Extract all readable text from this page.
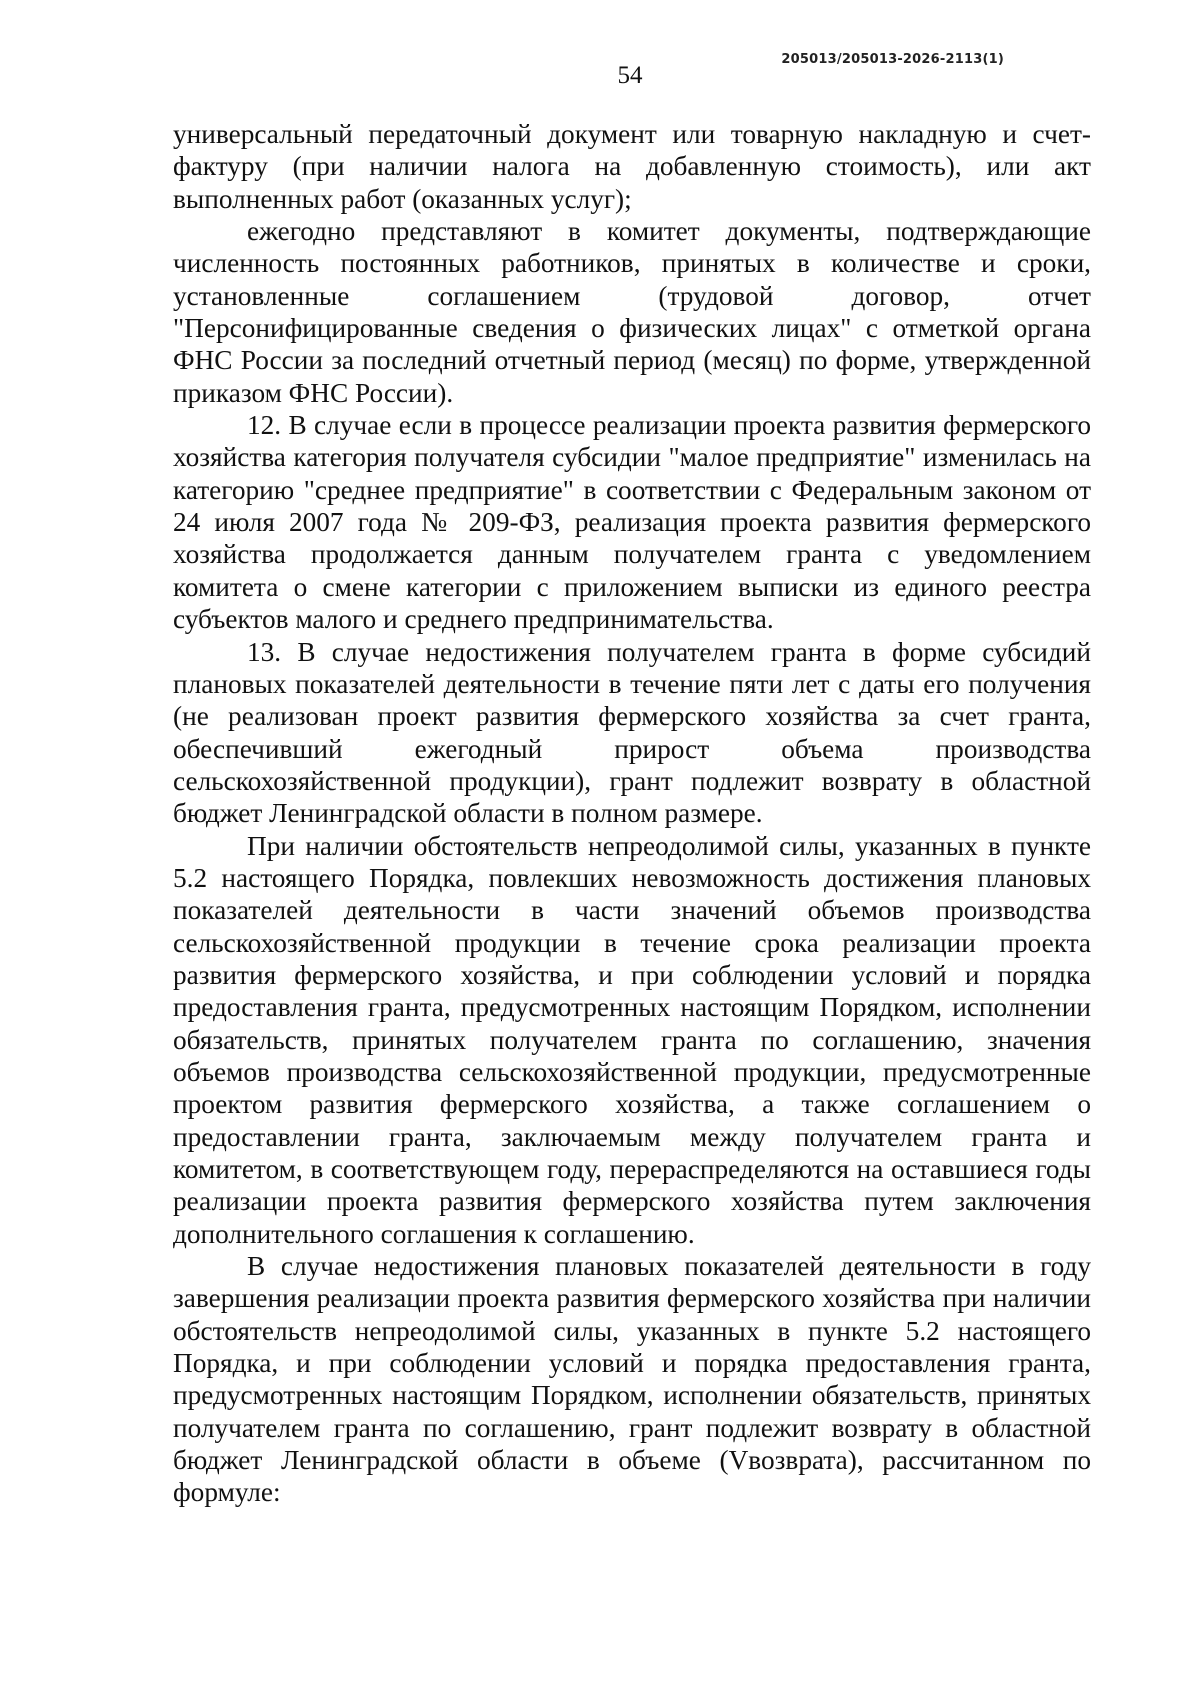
205013/205013-2026-2113(1)
54

универсальный передаточный документ или товарную накладную и счет-фактуру (при наличии налога на добавленную стоимость), или акт выполненных работ (оказанных услуг);

ежегодно представляют в комитет документы, подтверждающие численность постоянных работников, принятых в количестве и сроки, установленные соглашением (трудовой договор, отчет "Персонифицированные сведения о физических лицах" с отметкой органа ФНС России за последний отчетный период (месяц) по форме, утвержденной приказом ФНС России).

12. В случае если в процессе реализации проекта развития фермерского хозяйства категория получателя субсидии "малое предприятие" изменилась на категорию "среднее предприятие" в соответствии с Федеральным законом от 24 июля 2007 года № 209-ФЗ, реализация проекта развития фермерского хозяйства продолжается данным получателем гранта с уведомлением комитета о смене категории с приложением выписки из единого реестра субъектов малого и среднего предпринимательства.

13. В случае недостижения получателем гранта в форме субсидий плановых показателей деятельности в течение пяти лет с даты его получения (не реализован проект развития фермерского хозяйства за счет гранта, обеспечивший ежегодный прирост объема производства сельскохозяйственной продукции), грант подлежит возврату в областной бюджет Ленинградской области в полном размере.

При наличии обстоятельств непреодолимой силы, указанных в пункте 5.2 настоящего Порядка, повлекших невозможность достижения плановых показателей деятельности в части значений объемов производства сельскохозяйственной продукции в течение срока реализации проекта развития фермерского хозяйства, и при соблюдении условий и порядка предоставления гранта, предусмотренных настоящим Порядком, исполнении обязательств, принятых получателем гранта по соглашению, значения объемов производства сельскохозяйственной продукции, предусмотренные проектом развития фермерского хозяйства, а также соглашением о предоставлении гранта, заключаемым между получателем гранта и комитетом, в соответствующем году, перераспределяются на оставшиеся годы реализации проекта развития фермерского хозяйства путем заключения дополнительного соглашения к соглашению.

В случае недостижения плановых показателей деятельности в году завершения реализации проекта развития фермерского хозяйства при наличии обстоятельств непреодолимой силы, указанных в пункте 5.2 настоящего Порядка, и при соблюдении условий и порядка предоставления гранта, предусмотренных настоящим Порядком, исполнении обязательств, принятых получателем гранта по соглашению, грант подлежит возврату в областной бюджет Ленинградской области в объеме (Vвозврата), рассчитанном по формуле:
